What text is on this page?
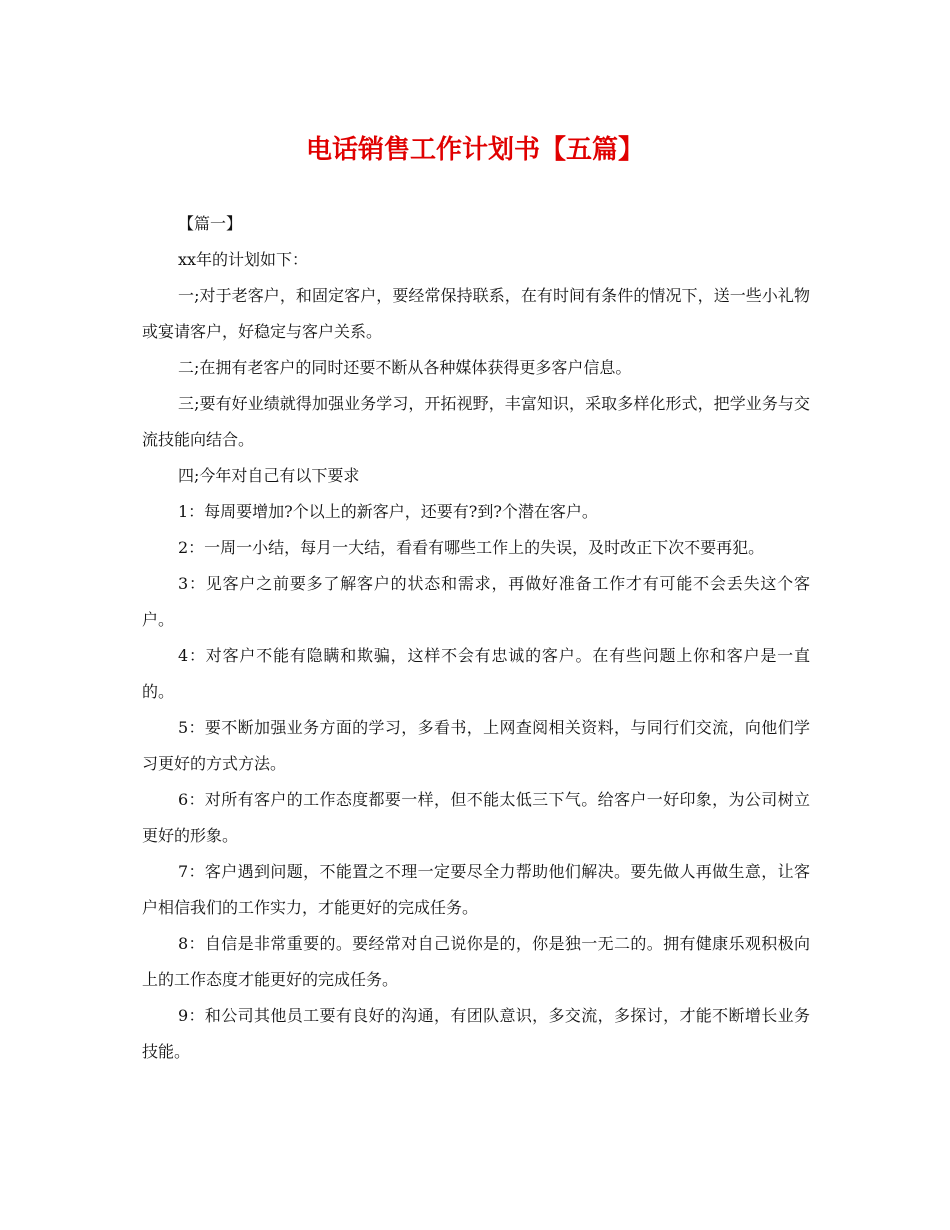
电话销售工作计划书【五篇】

【篇一】

xx年的计划如下：

一;对于老客户，和固定客户，要经常保持联系，在有时间有条件的情况下，送一些小礼物或宴请客户，好稳定与客户关系。

二;在拥有老客户的同时还要不断从各种媒体获得更多客户信息。

三;要有好业绩就得加强业务学习，开拓视野，丰富知识，采取多样化形式，把学业务与交流技能向结合。

四;今年对自己有以下要求

1：每周要增加?个以上的新客户，还要有?到?个潜在客户。

2：一周一小结，每月一大结，看看有哪些工作上的失误，及时改正下次不要再犯。

3：见客户之前要多了解客户的状态和需求，再做好准备工作才有可能不会丢失这个客户。

4：对客户不能有隐瞒和欺骗，这样不会有忠诚的客户。在有些问题上你和客户是一直的。

5：要不断加强业务方面的学习，多看书，上网查阅相关资料，与同行们交流，向他们学习更好的方式方法。

6：对所有客户的工作态度都要一样，但不能太低三下气。给客户一好印象，为公司树立更好的形象。

7：客户遇到问题，不能置之不理一定要尽全力帮助他们解决。要先做人再做生意，让客户相信我们的工作实力，才能更好的完成任务。

8：自信是非常重要的。要经常对自己说你是的，你是独一无二的。拥有健康乐观积极向上的工作态度才能更好的完成任务。

9：和公司其他员工要有良好的沟通，有团队意识，多交流，多探讨，才能不断增长业务技能。
